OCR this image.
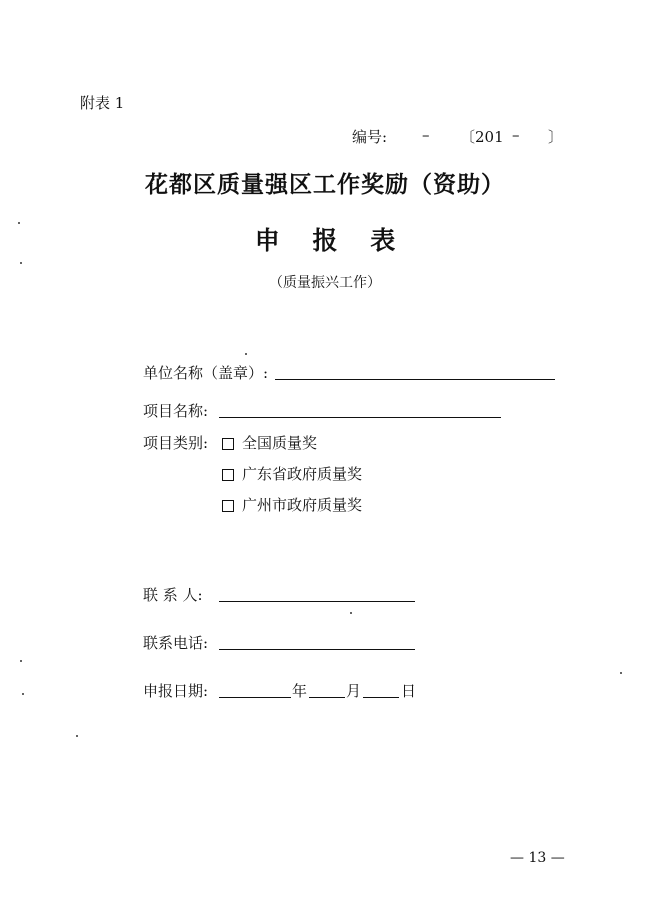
附表 1
编号:	–	〔201 –	〕
花都区质量强区工作奖励（资助）
申 报 表
（质量振兴工作）
单位名称（盖章）:
项目名称:
项目类别: 全国质量奖
广东省政府质量奖
广州市政府质量奖
联 系 人:
联系电话:
申报日期:	年	月	日
— 13 —
